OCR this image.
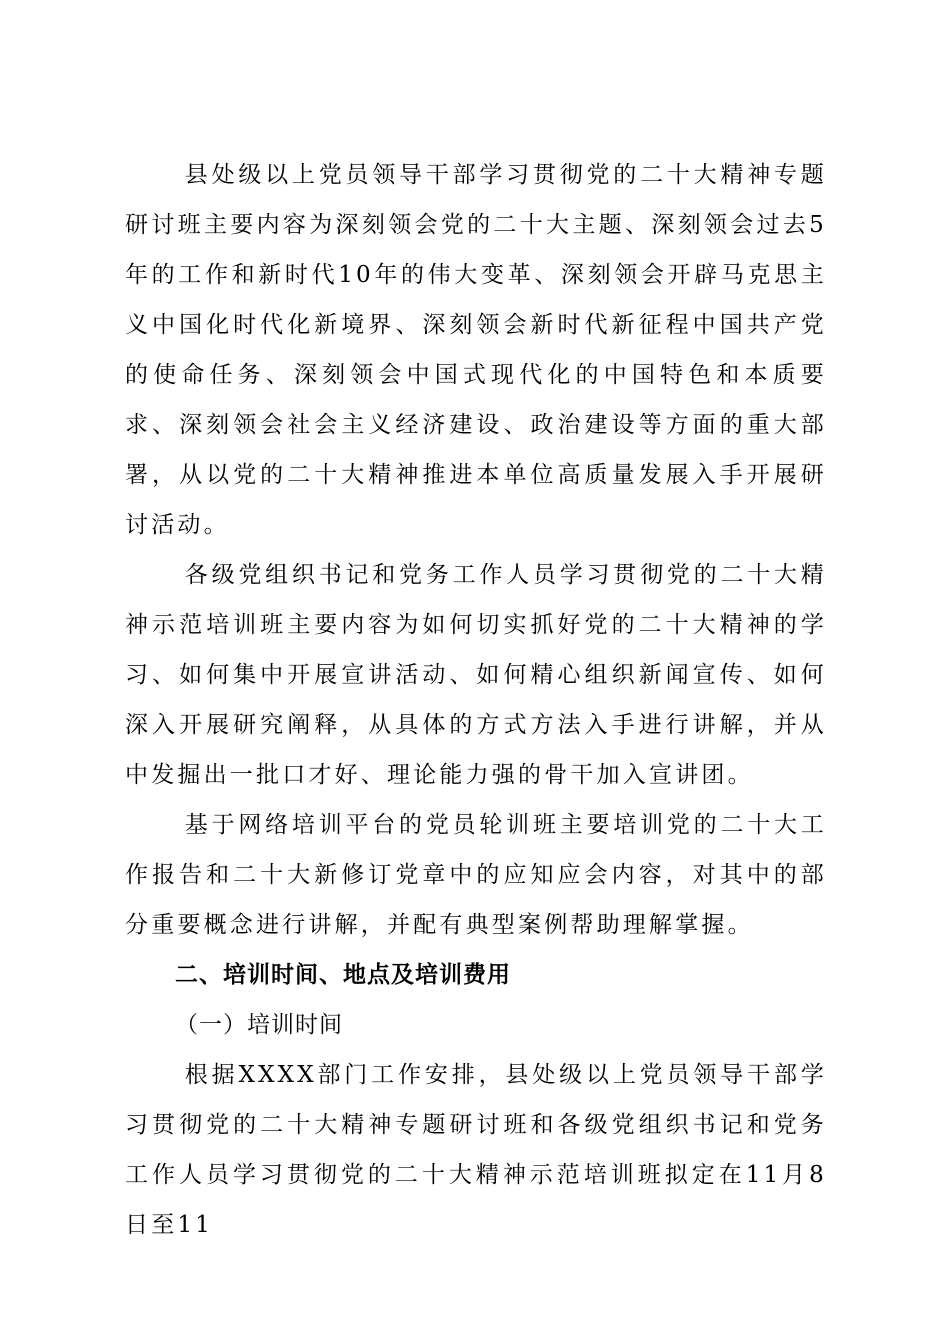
县处级以上党员领导干部学习贯彻党的二十大精神专题研讨班主要内容为深刻领会党的二十大主题、深刻领会过去5年的工作和新时代10年的伟大变革、深刻领会开辟马克思主义中国化时代化新境界、深刻领会新时代新征程中国共产党的使命任务、深刻领会中国式现代化的中国特色和本质要求、深刻领会社会主义经济建设、政治建设等方面的重大部署，从以党的二十大精神推进本单位高质量发展入手开展研讨活动。

各级党组织书记和党务工作人员学习贯彻党的二十大精神示范培训班主要内容为如何切实抓好党的二十大精神的学习、如何集中开展宣讲活动、如何精心组织新闻宣传、如何深入开展研究阐释，从具体的方式方法入手进行讲解，并从中发掘出一批口才好、理论能力强的骨干加入宣讲团。

基于网络培训平台的党员轮训班主要培训党的二十大工作报告和二十大新修订党章中的应知应会内容，对其中的部分重要概念进行讲解，并配有典型案例帮助理解掌握。

二、培训时间、地点及培训费用

（一）培训时间

根据XXXX部门工作安排，县处级以上党员领导干部学习贯彻党的二十大精神专题研讨班和各级党组织书记和党务工作人员学习贯彻党的二十大精神示范培训班拟定在11月8日至11
